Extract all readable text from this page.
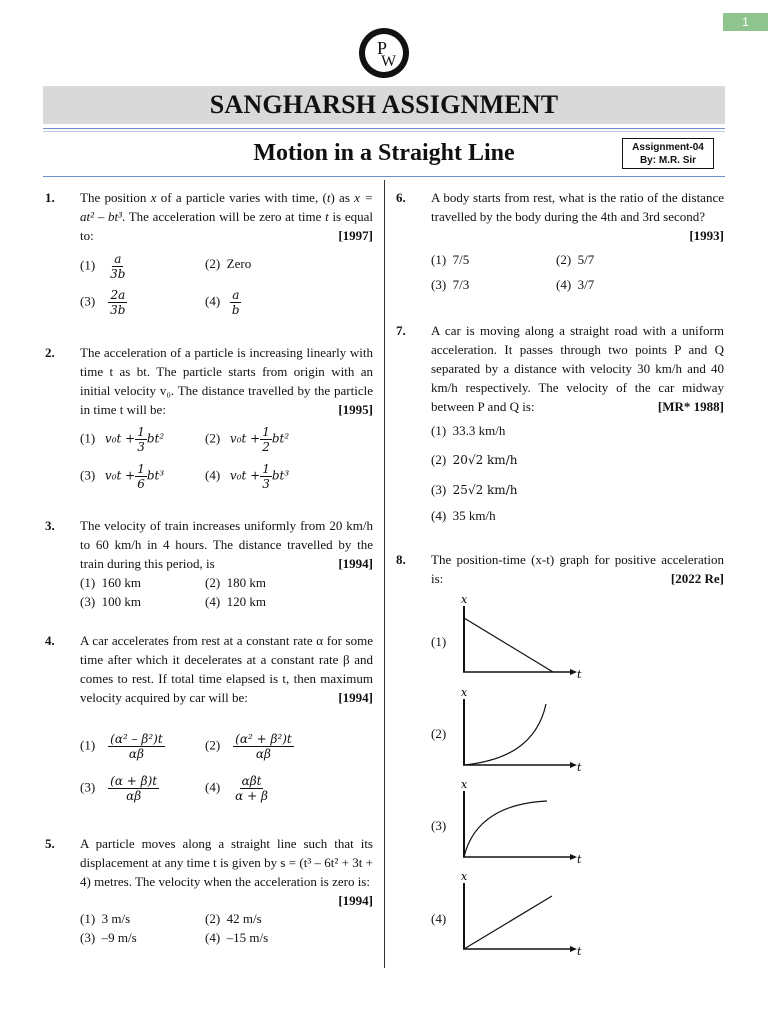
1
P
W
SANGHARSH ASSIGNMENT
Motion in a Straight Line	Assignment-04
By: M.R. Sir
1. The position x of a particle varies with time, (t) as x = at² – bt³. The acceleration will be zero at time t is equal to:	[1997]
$(1) \frac{a}{3b}$	(2) Zero
$(3) \frac{2a}{3b}$	$(4) \frac{a}{b}$
2. The acceleration of a particle is increasing linearly with time t as bt. The particle starts from origin with an initial velocity v₀. The distance travelled by the particle in time t will be:	[1995]
(1) $v_0t + \frac{1}{3} bt^2$	(2) $v_0t + \frac{1}{2} bt^2$
(3) $v_0t + \frac{1}{6} bt^3$	(4) $v_0t + \frac{1}{3} bt^3$
3. The velocity of train increases uniformly from 20 km/h to 60 km/h in 4 hours. The distance travelled by the train during this period, is	[1994]
(1) 160 km	(2) 180 km
(3) 100 km	(4) 120 km
4. A car accelerates from rest at a constant rate α for some time after which it decelerates at a constant rate β and comes to rest. If total time elapsed is t, then maximum velocity acquired by car will be:	[1994]
$(1) \frac{\text{(α² – β²)t}}{\alpha\beta}$	$(2) \frac{\text{(α² + β²)t}}{\alpha\beta}$
$(3) \frac{(\alpha + \beta)t}{\alpha\beta}$	$(4) \frac{\text{αβt}}{\alpha + \beta}$
5. A particle moves along a straight line such that its displacement at any time t is given by s = (t³ – 6t² + 3t + 4) metres. The velocity when the acceleration is zero is:
[1994]
(1) 3 m/s	(2) 42 m/s
(3) –9 m/s	(4) –15 m/s
6. A body starts from rest, what is the ratio of the distance travelled by the body during the 4th and 3rd second?
[1993]
(1) 7/5	(2) 5/7
(3) 7/3	(4) 3/7
7. A car is moving along a straight road with a uniform acceleration. It passes through two points P and Q separated by a distance with velocity 30 km/h and 40 km/h respectively. The velocity of the car midway between P and Q is:	[MR* 1988]
(1) 33.3 km/h
(2) 20√2 km/h
(3) 25√2 km/h
(4) 35 km/h
8. The position-time (x-t) graph for positive acceleration is:	[2022 Re]
(1)
x
t
(2)
x
t
(3)
x
t
(4)
x
t
